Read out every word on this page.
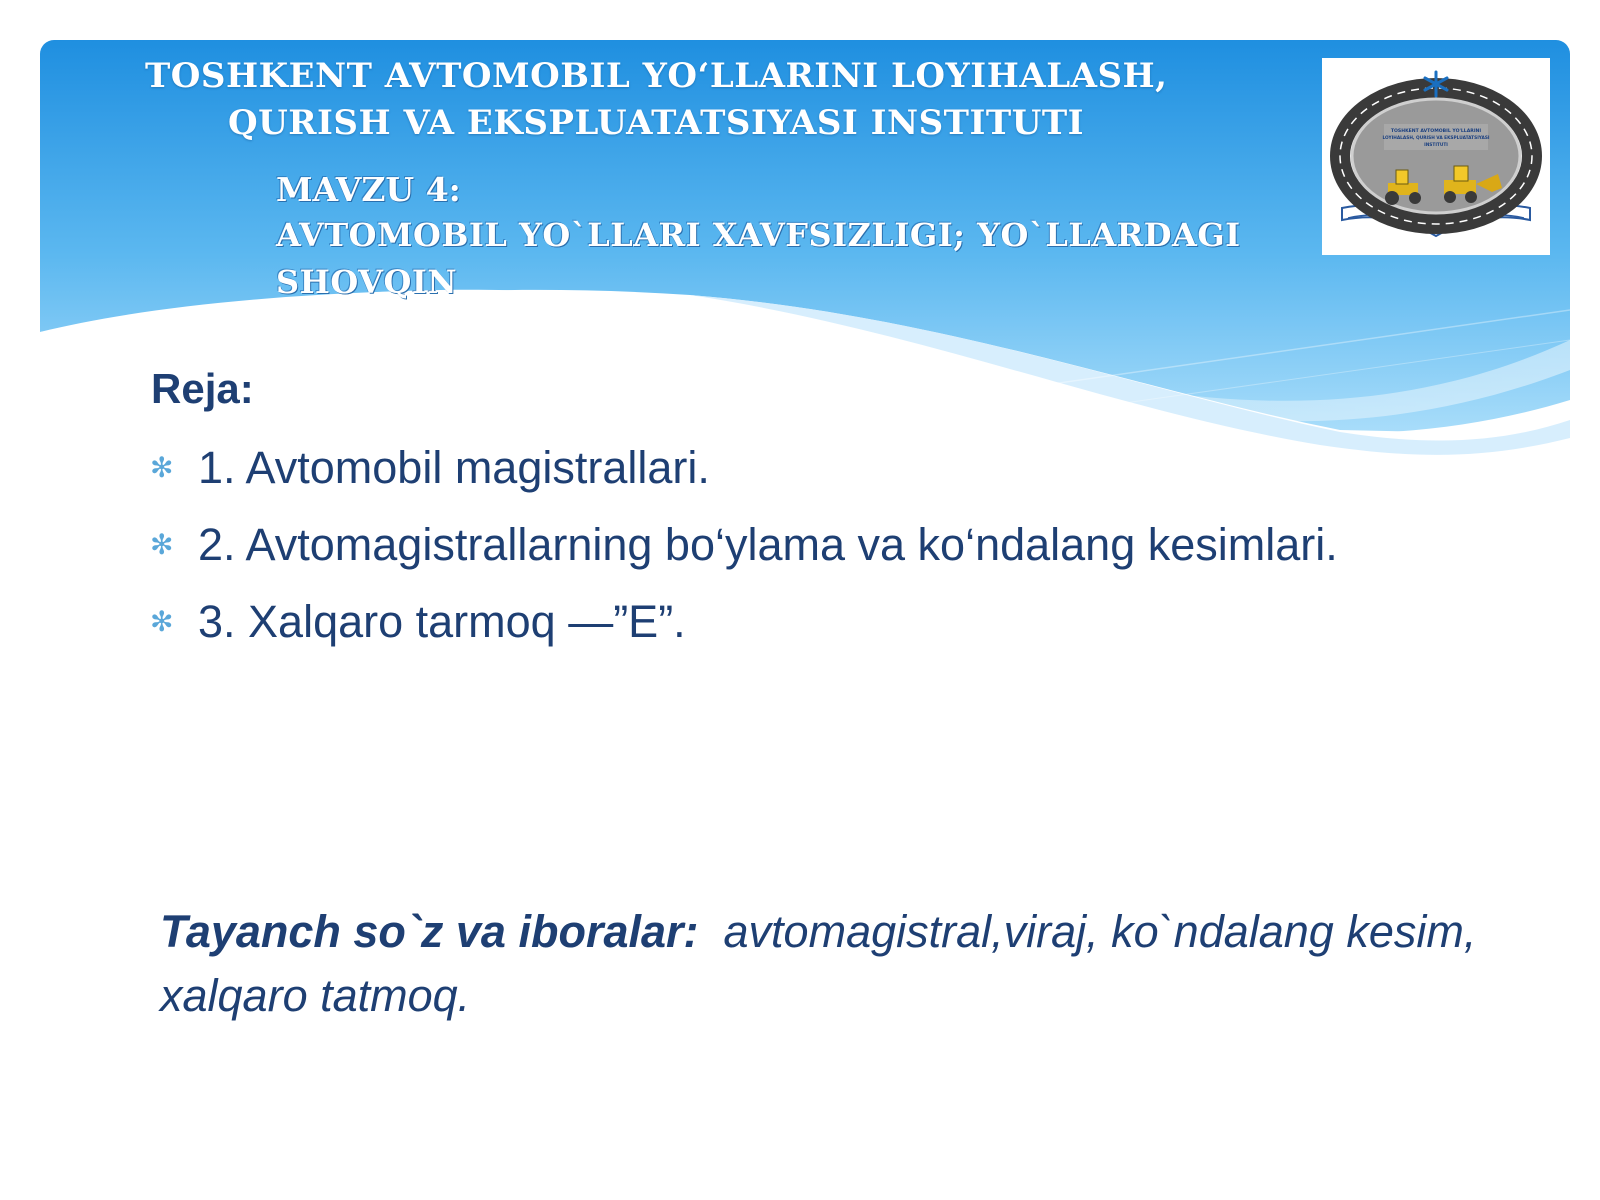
TOSHKENT AVTOMOBIL YO‘LLARINI LOYIHALASH,
QURISH VA EKSPLUATATSIYASI INSTITUTI
MAVZU 4:
AVTOMOBIL YO`LLARI XAVFSIZLIGI; YO`LLARDAGI
SHOVQIN
TOSHKENT AVTOMOBIL YO'LLARINI
LOYIHALASH, QURISH VA EKSPLUATATSIYASI
INSTITUTI
Reja:
✻ 1. Avtomobil magistrallari.
✻ 2. Avtomagistrallarning bo‘ylama va ko‘ndalang kesimlari.
✻ 3. Xalqaro tarmoq —”E”.
Tayanch so`z va iboralar: avtomagistral,viraj, ko`ndalang kesim, xalqaro tatmoq.
